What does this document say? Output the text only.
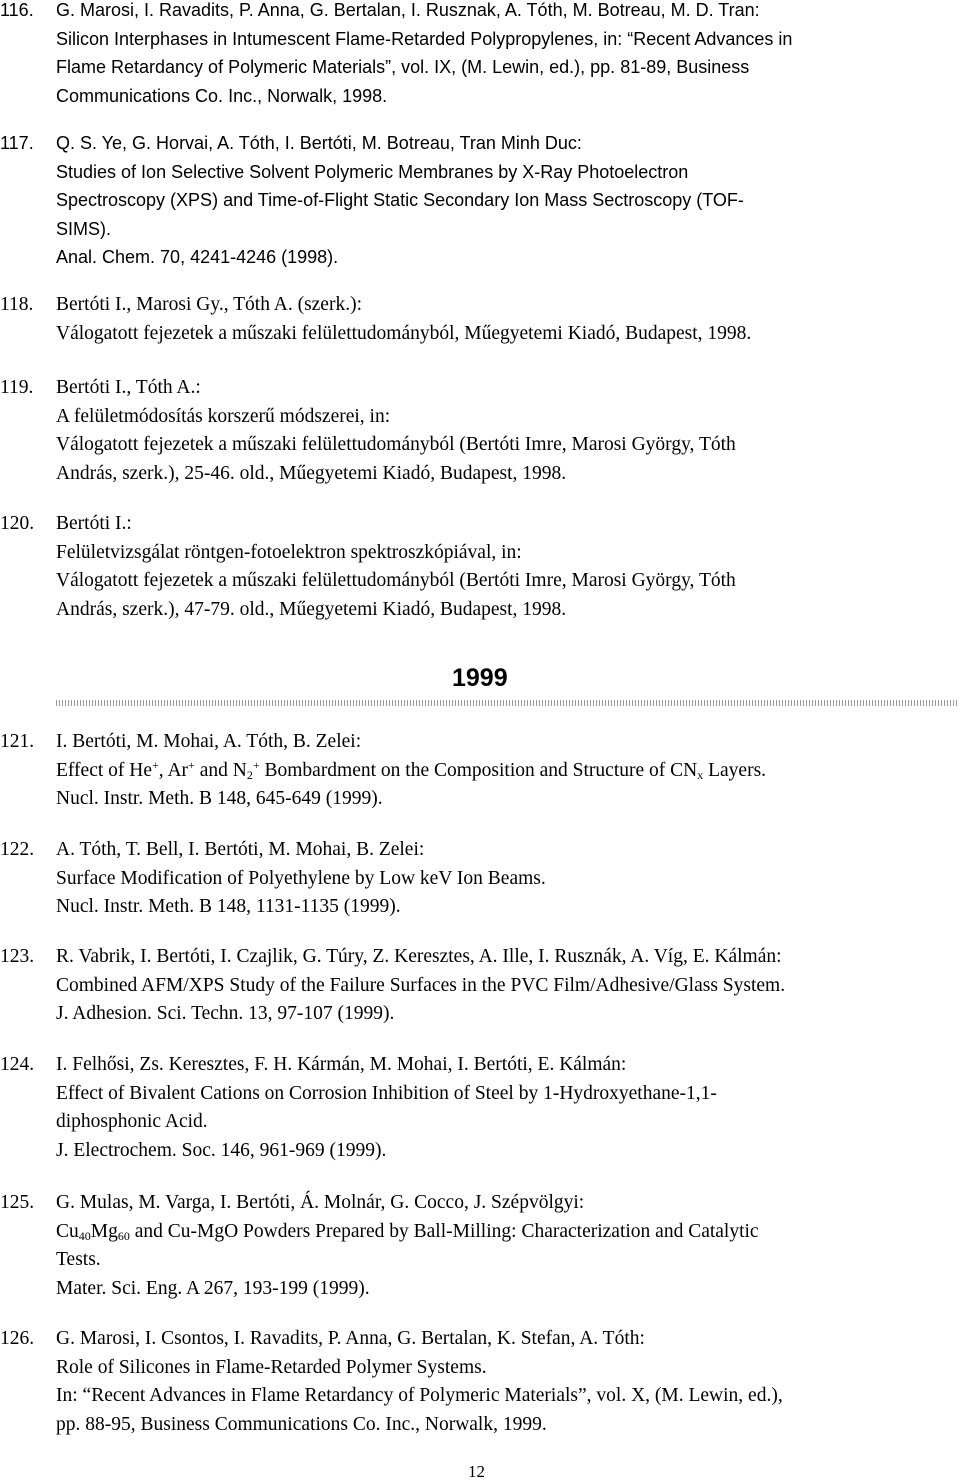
116. G. Marosi, I. Ravadits, P. Anna, G. Bertalan, I. Rusznak, A. Tóth, M. Botreau, M. D. Tran:
Silicon Interphases in Intumescent Flame-Retarded Polypropylenes, in: “Recent Advances in
Flame Retardancy of Polymeric Materials”, vol. IX, (M. Lewin, ed.), pp. 81-89, Business
Communications Co. Inc., Norwalk, 1998.
117. Q. S. Ye, G. Horvai, A. Tóth, I. Bertóti, M. Botreau, Tran Minh Duc:
Studies of Ion Selective Solvent Polymeric Membranes by X-Ray Photoelectron
Spectroscopy (XPS) and Time-of-Flight Static Secondary Ion Mass Sectroscopy (TOF-
SIMS).
Anal. Chem. 70, 4241-4246 (1998).
118. Bertóti I., Marosi Gy., Tóth A. (szerk.):
Válogatott fejezetek a műszaki felülettudományból, Műegyetemi Kiadó, Budapest, 1998.
119. Bertóti I., Tóth A.:
A felületmódosítás korszerű módszerei, in:
Válogatott fejezetek a műszaki felülettudományból (Bertóti Imre, Marosi György, Tóth
András, szerk.), 25-46. old., Műegyetemi Kiadó, Budapest, 1998.
120. Bertóti I.:
Felületvizsgálat röntgen-fotoelektron spektroszkópiával, in:
Válogatott fejezetek a műszaki felülettudományból (Bertóti Imre, Marosi György, Tóth
András, szerk.), 47-79. old., Műegyetemi Kiadó, Budapest, 1998.
1999
121. I. Bertóti, M. Mohai, A. Tóth, B. Zelei:
Effect of He+, Ar+ and $N_2^+$ Bombardment on the Composition and Structure of $CN_x$ Layers.
Nucl. Instr. Meth. B 148, 645-649 (1999).
122. A. Tóth, T. Bell, I. Bertóti, M. Mohai, B. Zelei:
Surface Modification of Polyethylene by Low keV Ion Beams.
Nucl. Instr. Meth. B 148, 1131-1135 (1999).
123. R. Vabrik, I. Bertóti, I. Czajlik, G. Túry, Z. Keresztes, A. Ille, I. Rusznák, A. Víg, E. Kálmán:
Combined AFM/XPS Study of the Failure Surfaces in the PVC Film/Adhesive/Glass System.
J. Adhesion. Sci. Techn. 13, 97-107 (1999).
124. I. Felhősi, Zs. Keresztes, F. H. Kármán, M. Mohai, I. Bertóti, E. Kálmán:
Effect of Bivalent Cations on Corrosion Inhibition of Steel by 1-Hydroxyethane-1,1-
diphosphonic Acid.
J. Electrochem. Soc. 146, 961-969 (1999).
125. G. Mulas, M. Varga, I. Bertóti, Á. Molnár, G. Cocco, J. Szépvölgyi:
$Cu_{40}Mg_{60}$ and Cu-MgO Powders Prepared by Ball-Milling: Characterization and Catalytic
Tests.
Mater. Sci. Eng. A 267, 193-199 (1999).
126. G. Marosi, I. Csontos, I. Ravadits, P. Anna, G. Bertalan, K. Stefan, A. Tóth:
Role of Silicones in Flame-Retarded Polymer Systems.
In: “Recent Advances in Flame Retardancy of Polymeric Materials”, vol. X, (M. Lewin, ed.),
pp. 88-95, Business Communications Co. Inc., Norwalk, 1999.
12
